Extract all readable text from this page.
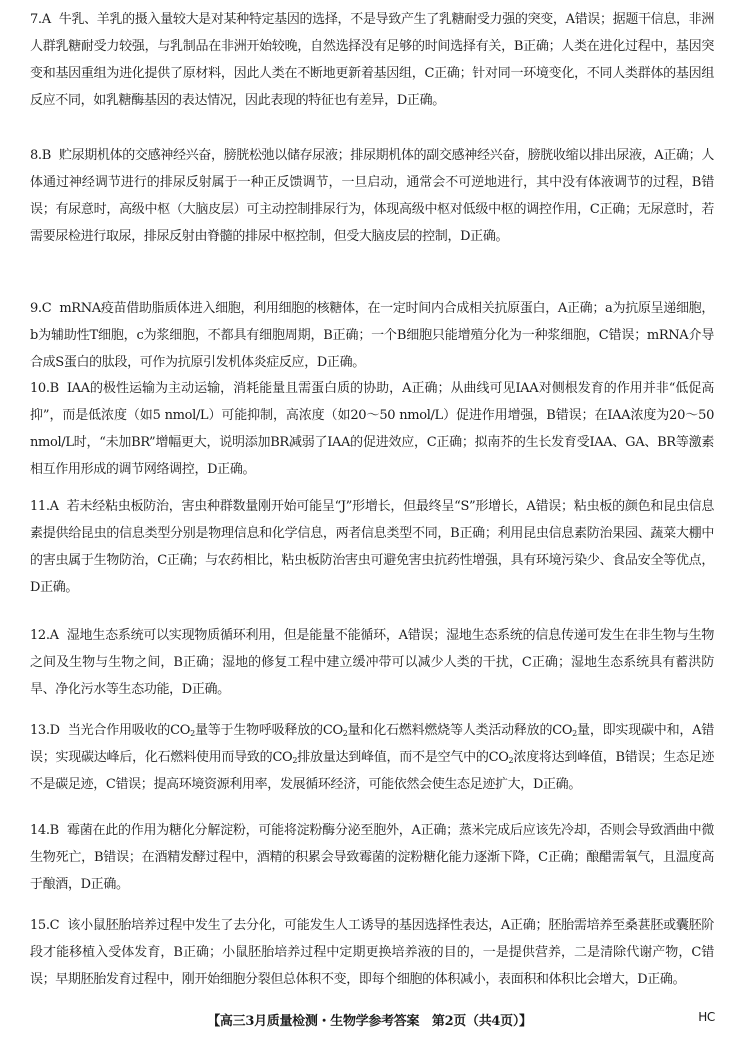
7.A 牛乳、羊乳的摄入量较大是对某种特定基因的选择，不是导致产生了乳糖耐受力强的突变，A错误；据题干信息，非洲人群乳糖耐受力较强，与乳制品在非洲开始较晚，自然选择没有足够的时间选择有关，B正确；人类在进化过程中，基因突变和基因重组为进化提供了原材料，因此人类在不断地更新着基因组，C正确；针对同一环境变化，不同人类群体的基因组反应不同，如乳糖酶基因的表达情况，因此表现的特征也有差异，D正确。
8.B 贮尿期机体的交感神经兴奋，膀胱松弛以储存尿液；排尿期机体的副交感神经兴奋，膀胱收缩以排出尿液，A正确；人体通过神经调节进行的排尿反射属于一种正反馈调节，一旦启动，通常会不可逆地进行，其中没有体液调节的过程，B错误；有尿意时，高级中枢（大脑皮层）可主动控制排尿行为，体现高级中枢对低级中枢的调控作用，C正确；无尿意时，若需要尿检进行取尿，排尿反射由脊髓的排尿中枢控制，但受大脑皮层的控制，D正确。
9.C mRNA疫苗借助脂质体进入细胞，利用细胞的核糖体，在一定时间内合成相关抗原蛋白，A正确；a为抗原呈递细胞，b为辅助性T细胞，c为浆细胞，不都具有细胞周期，B正确；一个B细胞只能增殖分化为一种浆细胞，C错误；mRNA介导合成S蛋白的肽段，可作为抗原引发机体炎症反应，D正确。
10.B IAA的极性运输为主动运输，消耗能量且需蛋白质的协助，A正确；从曲线可见IAA对侧根发育的作用并非“低促高抑”，而是低浓度（如5 nmol/L）可能抑制，高浓度（如20～50 nmol/L）促进作用增强，B错误；在IAA浓度为20～50 nmol/L时，“未加BR”增幅更大，说明添加BR减弱了IAA的促进效应，C正确；拟南芥的生长发育受IAA、GA、BR等激素相互作用形成的调节网络调控，D正确。
11.A 若未经粘虫板防治，害虫种群数量刚开始可能呈“J”形增长，但最终呈“S”形增长，A错误；粘虫板的颜色和昆虫信息素提供给昆虫的信息类型分别是物理信息和化学信息，两者信息类型不同，B正确；利用昆虫信息素防治果园、蔬菜大棚中的害虫属于生物防治，C正确；与农药相比，粘虫板防治害虫可避免害虫抗药性增强，具有环境污染少、食品安全等优点，D正确。
12.A 湿地生态系统可以实现物质循环利用，但是能量不能循环，A错误；湿地生态系统的信息传递可发生在非生物与生物之间及生物与生物之间，B正确；湿地的修复工程中建立缓冲带可以减少人类的干扰，C正确；湿地生态系统具有蓄洪防旱、净化污水等生态功能，D正确。
13.D 当光合作用吸收的$CO_2$量等于生物呼吸释放的$CO_2$量和化石燃料燃烧等人类活动释放的$CO_2$量，即实现碳中和，A错误；实现碳达峰后，化石燃料使用而导致的$CO_2$排放量达到峰值，而不是空气中的$CO_2$浓度将达到峰值，B错误；生态足迹不是碳足迹，C错误；提高环境资源利用率，发展循环经济，可能依然会使生态足迹扩大，D正确。
14.B 霉菌在此的作用为糖化分解淀粉，可能将淀粉酶分泌至胞外，A正确；蒸米完成后应该先冷却，否则会导致酒曲中微生物死亡，B错误；在酒精发酵过程中，酒精的积累会导致霉菌的淀粉糖化能力逐渐下降，C正确；酿醋需氧气，且温度高于酿酒，D正确。
15.C 该小鼠胚胎培养过程中发生了去分化，可能发生人工诱导的基因选择性表达，A正确；胚胎需培养至桑葚胚或囊胚阶段才能移植入受体发育，B正确；小鼠胚胎培养过程中定期更换培养液的目的，一是提供营养，二是清除代谢产物，C错误；早期胚胎发育过程中，刚开始细胞分裂但总体积不变，即每个细胞的体积减小，表面积和体积比会增大，D正确。
【高三3月质量检测・生物学参考答案　第2页（共4页）】	HC
